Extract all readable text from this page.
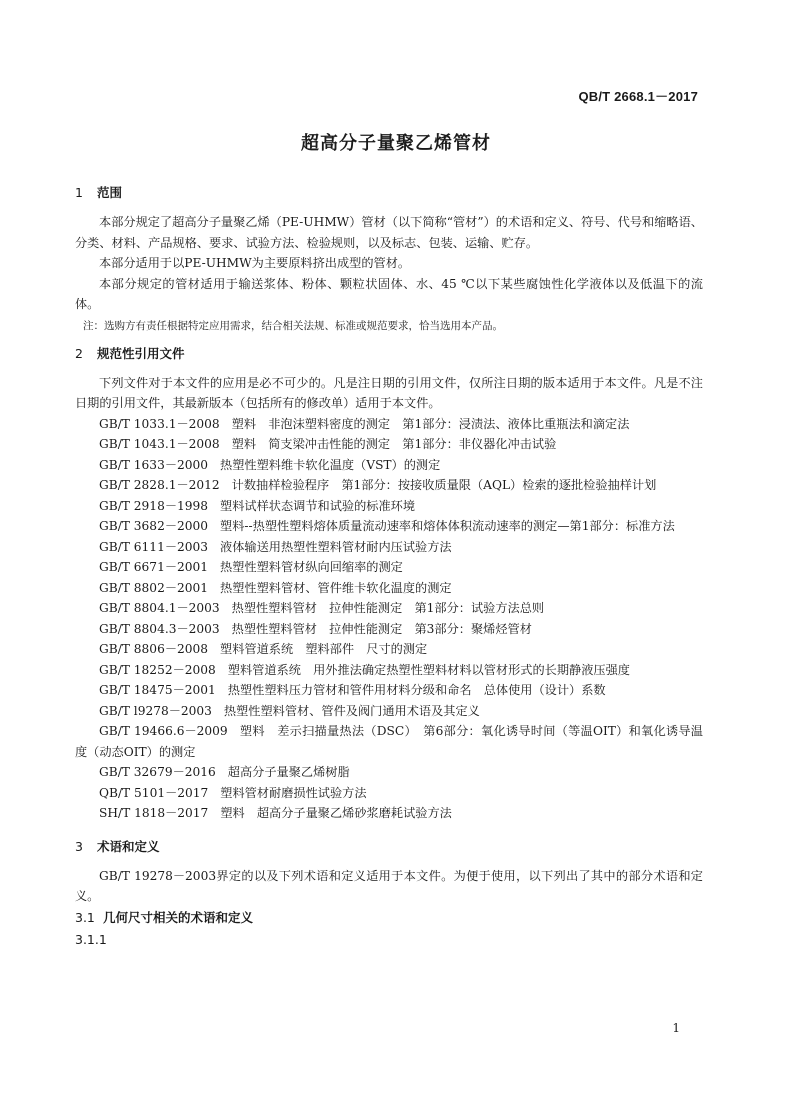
QB/T 2668.1－2017
超高分子量聚乙烯管材
1 范围

本部分规定了超高分子量聚乙烯（PE-UHMW）管材（以下简称“管材”）的术语和定义、符号、代号和缩略语、分类、材料、产品规格、要求、试验方法、检验规则，以及标志、包装、运输、贮存。

本部分适用于以PE-UHMW为主要原料挤出成型的管材。

本部分规定的管材适用于输送浆体、粉体、颗粒状固体、水、45 ℃以下某些腐蚀性化学液体以及低温下的流体。

注：选购方有责任根据特定应用需求，结合相关法规、标准或规范要求，恰当选用本产品。

2 规范性引用文件

下列文件对于本文件的应用是必不可少的。凡是注日期的引用文件，仅所注日期的版本适用于本文件。凡是不注日期的引用文件，其最新版本（包括所有的修改单）适用于本文件。

GB/T 1033.1－2008 塑料　非泡沫塑料密度的测定　第1部分：浸渍法、液体比重瓶法和滴定法

GB/T 1043.1－2008 塑料　简支梁冲击性能的测定　第1部分：非仪器化冲击试验

GB/T 1633－2000 热塑性塑料维卡软化温度（VST）的测定

GB/T 2828.1－2012 计数抽样检验程序　第1部分：按接收质量限（AQL）检索的逐批检验抽样计划

GB/T 2918－1998 塑料试样状态调节和试验的标准环境

GB/T 3682－2000 塑料--热塑性塑料熔体质量流动速率和熔体体积流动速率的测定—第1部分：标准方法

GB/T 6111－2003 液体输送用热塑性塑料管材耐内压试验方法

GB/T 6671－2001 热塑性塑料管材纵向回缩率的测定

GB/T 8802－2001 热塑性塑料管材、管件维卡软化温度的测定

GB/T 8804.1－2003 热塑性塑料管材　拉伸性能测定　第1部分：试验方法总则

GB/T 8804.3－2003 热塑性塑料管材　拉伸性能测定　第3部分：聚烯烃管材

GB/T 8806－2008 塑料管道系统　塑料部件　尺寸的测定

GB/T 18252－2008 塑料管道系统　用外推法确定热塑性塑料材料以管材形式的长期静液压强度

GB/T 18475－2001 热塑性塑料压力管材和管件用材料分级和命名　总体使用（设计）系数

GB/T l9278－2003 热塑性塑料管材、管件及阀门通用术语及其定义

GB/T 19466.6－2009 塑料　差示扫描量热法（DSC）　第6部分：氧化诱导时间（等温OIT）和氧化诱导温度（动态OIT）的测定

GB/T 32679－2016 超高分子量聚乙烯树脂

QB/T 5101－2017 塑料管材耐磨损性试验方法

SH/T 1818－2017 塑料　超高分子量聚乙烯砂浆磨耗试验方法

3 术语和定义

GB/T 19278－2003界定的以及下列术语和定义适用于本文件。为便于使用，以下列出了其中的部分术语和定义。

3.1 几何尺寸相关的术语和定义
3.1.1
1
